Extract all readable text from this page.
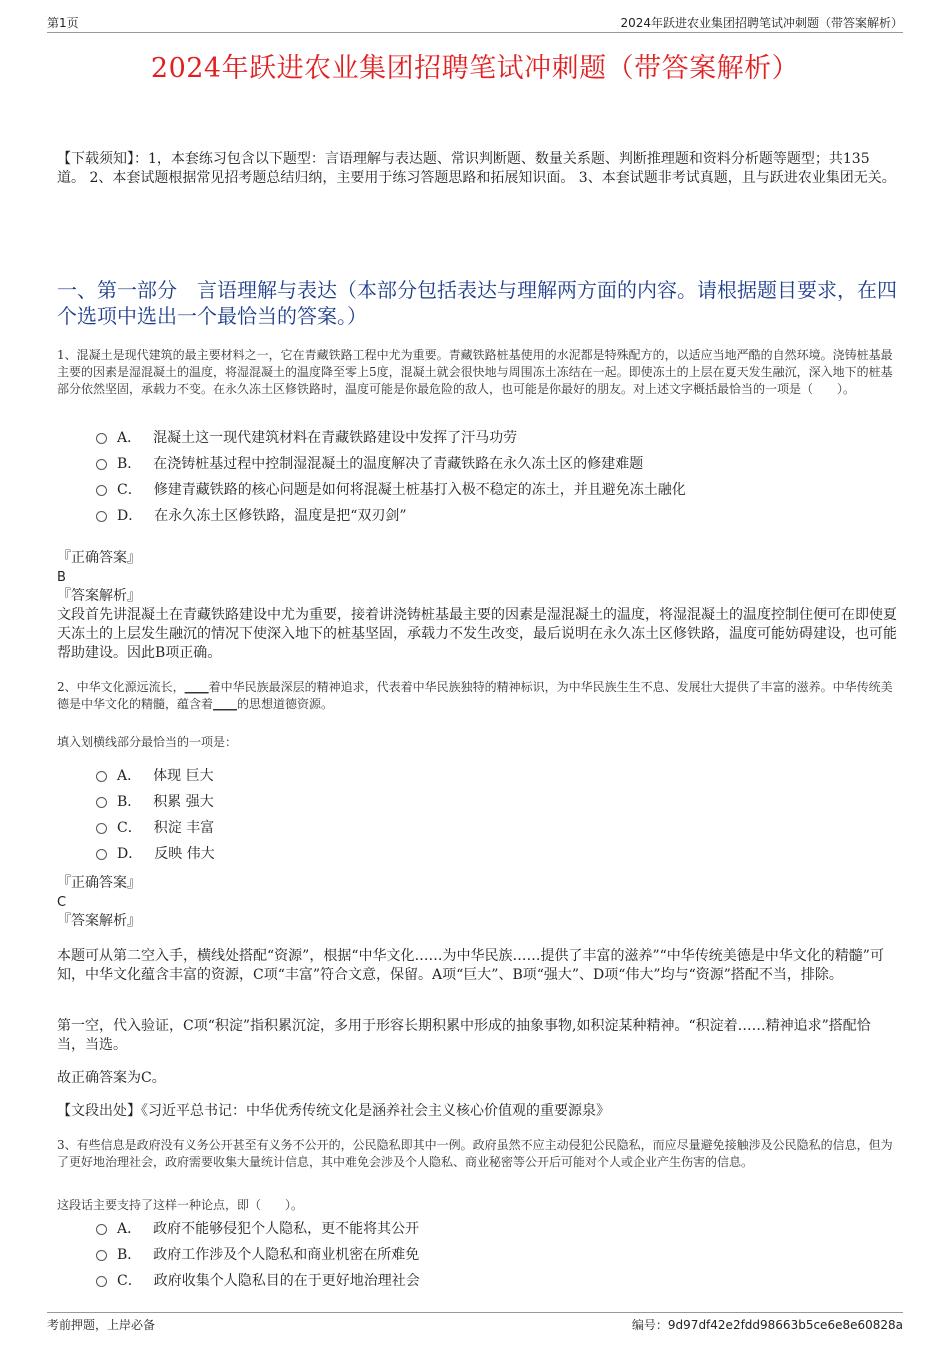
第1页	2024年跃进农业集团招聘笔试冲刺题（带答案解析）
2024年跃进农业集团招聘笔试冲刺题（带答案解析）
【下载须知】：1，本套练习包含以下题型：言语理解与表达题、常识判断题、数量关系题、判断推理题和资料分析题等题型；共135道。 2、本套试题根据常见招考题总结归纳，主要用于练习答题思路和拓展知识面。 3、本套试题非考试真题，且与跃进农业集团无关。
一、第一部分　言语理解与表达（本部分包括表达与理解两方面的内容。请根据题目要求，在四个选项中选出一个最恰当的答案。）
1、混凝土是现代建筑的最主要材料之一，它在青藏铁路工程中尤为重要。青藏铁路桩基使用的水泥都是特殊配方的，以适应当地严酷的自然环境。浇铸桩基最主要的因素是湿混凝土的温度，将湿混凝土的温度降至零上5度，混凝土就会很快地与周围冻土冻结在一起。即使冻土的上层在夏天发生融沉，深入地下的桩基部分依然坚固，承载力不变。在永久冻土区修铁路时，温度可能是你最危险的敌人，也可能是你最好的朋友。对上述文字概括最恰当的一项是（　　）。
A． 混凝土这一现代建筑材料在青藏铁路建设中发挥了汗马功劳
B． 在浇铸桩基过程中控制湿混凝土的温度解决了青藏铁路在永久冻土区的修建难题
C． 修建青藏铁路的核心问题是如何将混凝土桩基打入极不稳定的冻土，并且避免冻土融化
D． 在永久冻土区修铁路，温度是把“双刃剑”
『正确答案』
B
『答案解析』
文段首先讲混凝土在青藏铁路建设中尤为重要，接着讲浇铸桩基最主要的因素是湿混凝土的温度，将湿混凝土的温度控制住便可在即使夏天冻土的上层发生融沉的情况下使深入地下的桩基坚固，承载力不发生改变，最后说明在永久冻土区修铁路，温度可能妨碍建设，也可能帮助建设。因此B项正确。
2、中华文化源远流长，____着中华民族最深层的精神追求，代表着中华民族独特的精神标识，为中华民族生生不息、发展壮大提供了丰富的滋养。中华传统美德是中华文化的精髓，蕴含着____的思想道德资源。
填入划横线部分最恰当的一项是：
A． 体现 巨大
B． 积累 强大
C． 积淀 丰富
D． 反映 伟大
『正确答案』
C
『答案解析』
本题可从第二空入手，横线处搭配“资源”，根据“中华文化……为中华民族……提供了丰富的滋养”“中华传统美德是中华文化的精髓”可知，中华文化蕴含丰富的资源，C项“丰富”符合文意，保留。A项“巨大”、B项“强大”、D项“伟大”均与“资源”搭配不当，排除。
第一空，代入验证，C项“积淀”指积累沉淀，多用于形容长期积累中形成的抽象事物,如积淀某种精神。“积淀着……精神追求”搭配恰当，当选。
故正确答案为C。
【文段出处】《习近平总书记：中华优秀传统文化是涵养社会主义核心价值观的重要源泉》
3、有些信息是政府没有义务公开甚至有义务不公开的，公民隐私即其中一例。政府虽然不应主动侵犯公民隐私，而应尽量避免接触涉及公民隐私的信息，但为了更好地治理社会，政府需要收集大量统计信息，其中难免会涉及个人隐私、商业秘密等公开后可能对个人或企业产生伤害的信息。
这段话主要支持了这样一种论点，即（　　）。
A． 政府不能够侵犯个人隐私，更不能将其公开
B． 政府工作涉及个人隐私和商业机密在所难免
C． 政府收集个人隐私目的在于更好地治理社会
考前押题，上岸必备	编号：9d97df42e2fdd98663b5ce6e8e60828a
